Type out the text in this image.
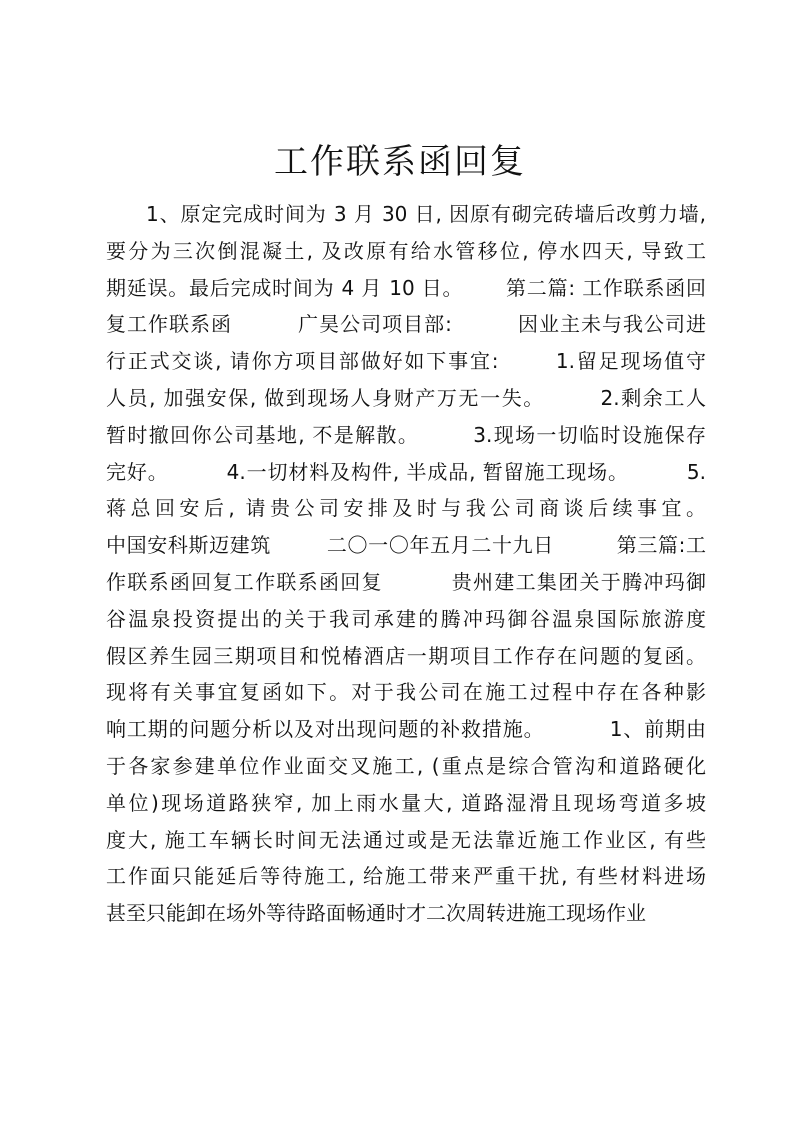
工作联系函回复
1、原定完成时间为 3 月 30 日, 因原有砌完砖墙后改剪力墙,
要分为三次倒混凝土, 及改原有给水管移位, 停水四天, 导致工
期延误。最后完成时间为 4 月 10 日。      第二篇: 工作联系函回
复工作联系函         广昊公司项目部:         因业主未与我公司进
行正式交谈, 请你方项目部做好如下事宜:       1.留足现场值守
人员, 加强安保, 做到现场人身财产万无一失。       2.剩余工人
暂时撤回你公司基地, 不是解散。       3.现场一切临时设施保存
完好。        4.一切材料及构件, 半成品, 暂留施工现场。        5.
蒋总回安后, 请贵公司安排及时与我公司商谈后续事宜。
中国安科斯迈建筑        二〇一〇年五月二十九日         第三篇:工
作联系函回复工作联系函回复         贵州建工集团关于腾冲玛御
谷温泉投资提出的关于我司承建的腾冲玛御谷温泉国际旅游度
假区养生园三期项目和悦椿酒店一期项目工作存在问题的复函。
现将有关事宜复函如下。对于我公司在施工过程中存在各种影
响工期的问题分析以及对出现问题的补救措施。         1、前期由
于各家参建单位作业面交叉施工, (重点是综合管沟和道路硬化
单位)现场道路狭窄, 加上雨水量大, 道路湿滑且现场弯道多坡
度大, 施工车辆长时间无法通过或是无法靠近施工作业区, 有些
工作面只能延后等待施工, 给施工带来严重干扰, 有些材料进场
甚至只能卸在场外等待路面畅通时才二次周转进施工现场作业
